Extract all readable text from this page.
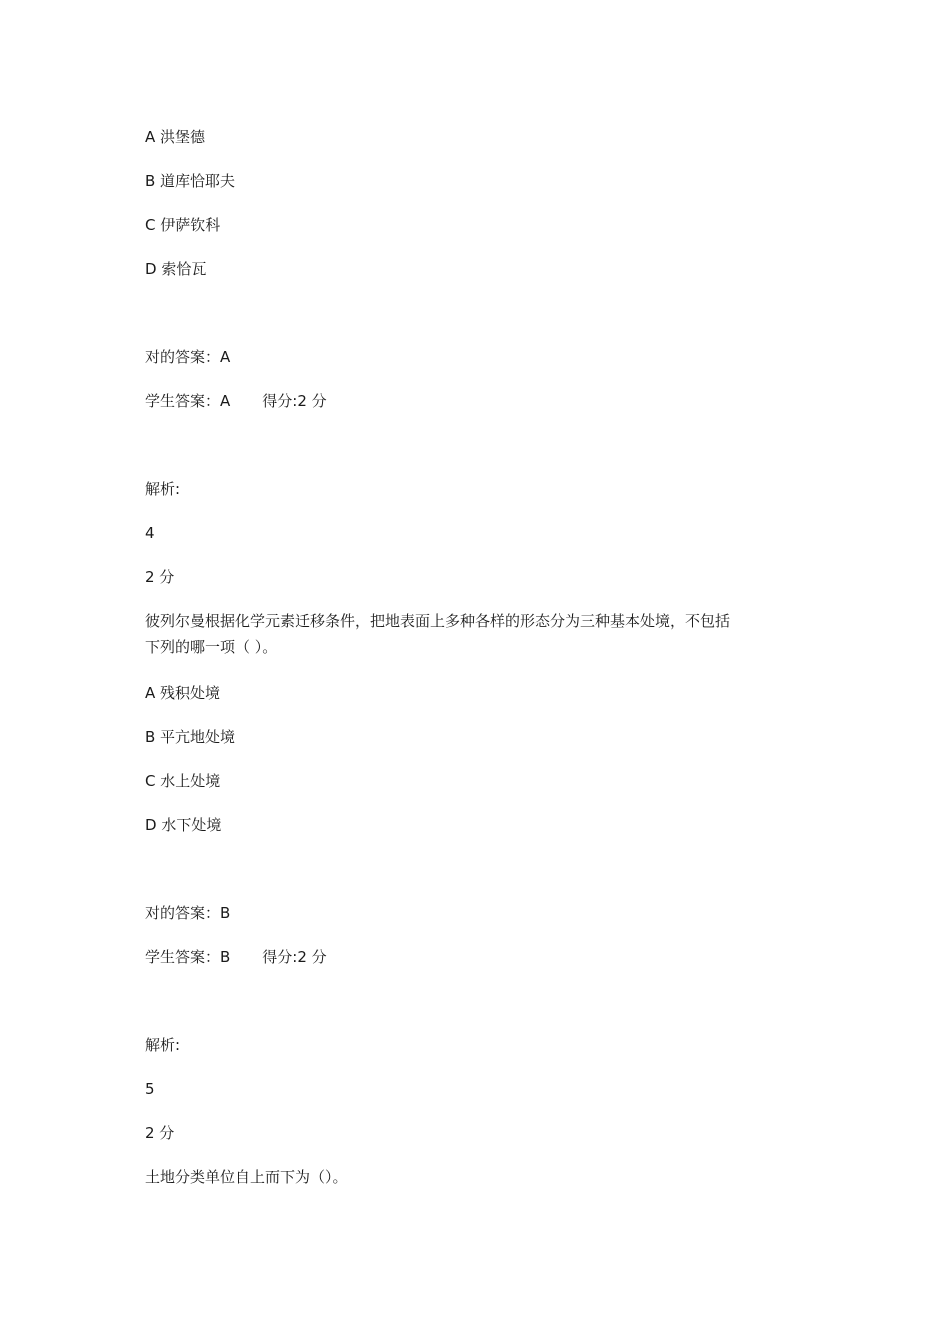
A 洪堡德
B 道库恰耶夫
C 伊萨钦科
D 索恰瓦
对的答案：A
学生答案：A 得分:2 分
解析:
4
2 分
彼列尔曼根据化学元素迁移条件，把地表面上多种各样的形态分为三种基本处境，不包括
下列的哪一项（ ）。
A 残积处境
B 平亢地处境
C 水上处境
D 水下处境
对的答案：B
学生答案：B 得分:2 分
解析:
5
2 分
土地分类单位自上而下为（）。
